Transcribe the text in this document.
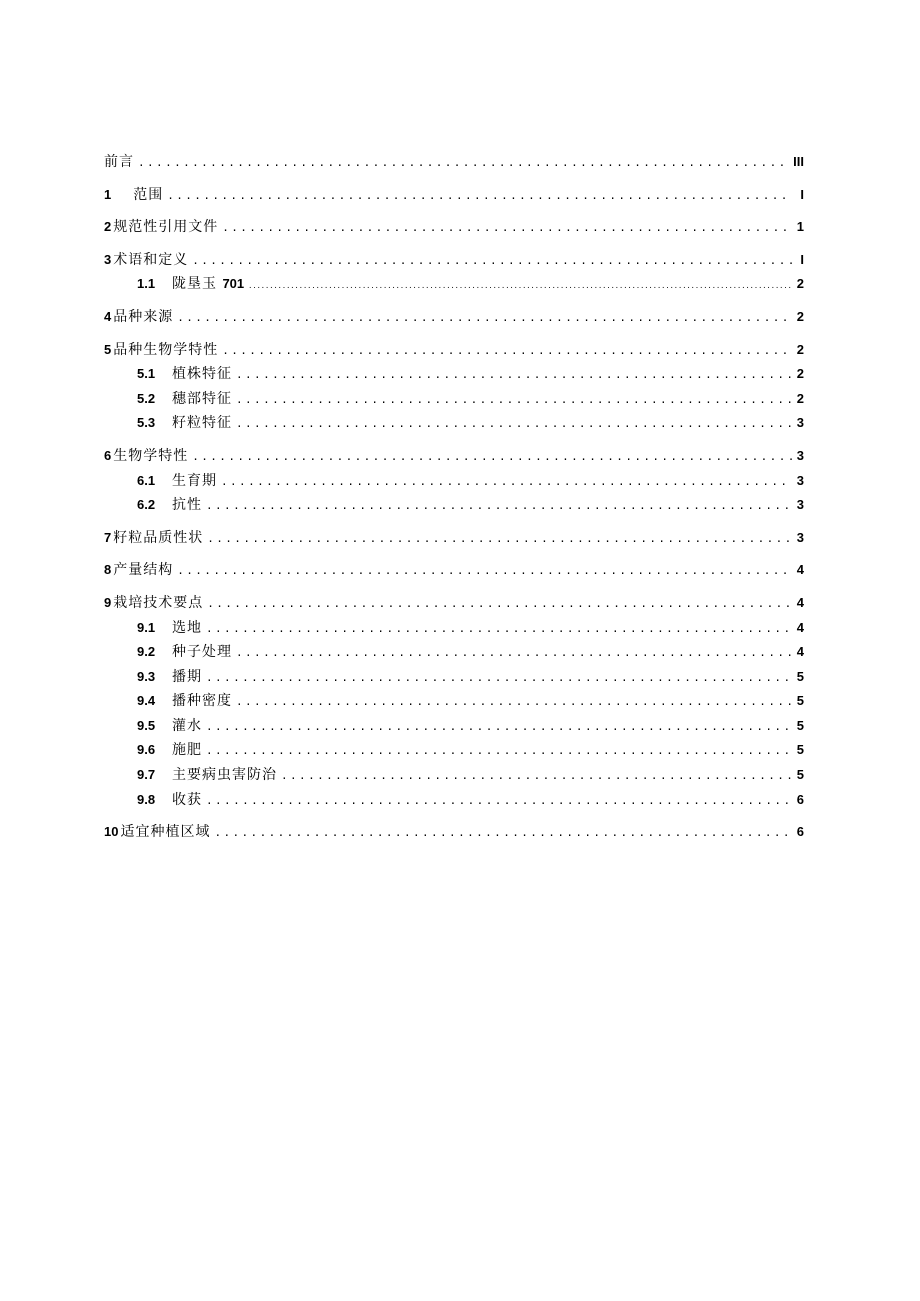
前言 .....	III
1 范围 .....	I
2 规范性引用文件 .....	1
3 术语和定义 .....	I
1.1	陇垦玉 701 .....	2
4 品种来源 .....	2
5 品种生物学特性 .....	2
5.1	植株特征 .....	2
5.2	穗部特征 .....	2
5.3	籽粒特征 .....	3
6 生物学特性 .....	3
6.1	生育期 .....	3
6.2	抗性 .....	3
7 籽粒品质性状 .....	3
8 产量结构 .....	4
9 栽培技术要点 .....	4
9.1	选地 .....	4
9.2	种子处理 .....	4
9.3	播期 .....	5
9.4	播种密度 .....	5
9.5	灌水 .....	5
9.6	施肥 .....	5
9.7	主要病虫害防治 .....	5
9.8	收获 .....	6
10 适宜种植区域 .....	6
